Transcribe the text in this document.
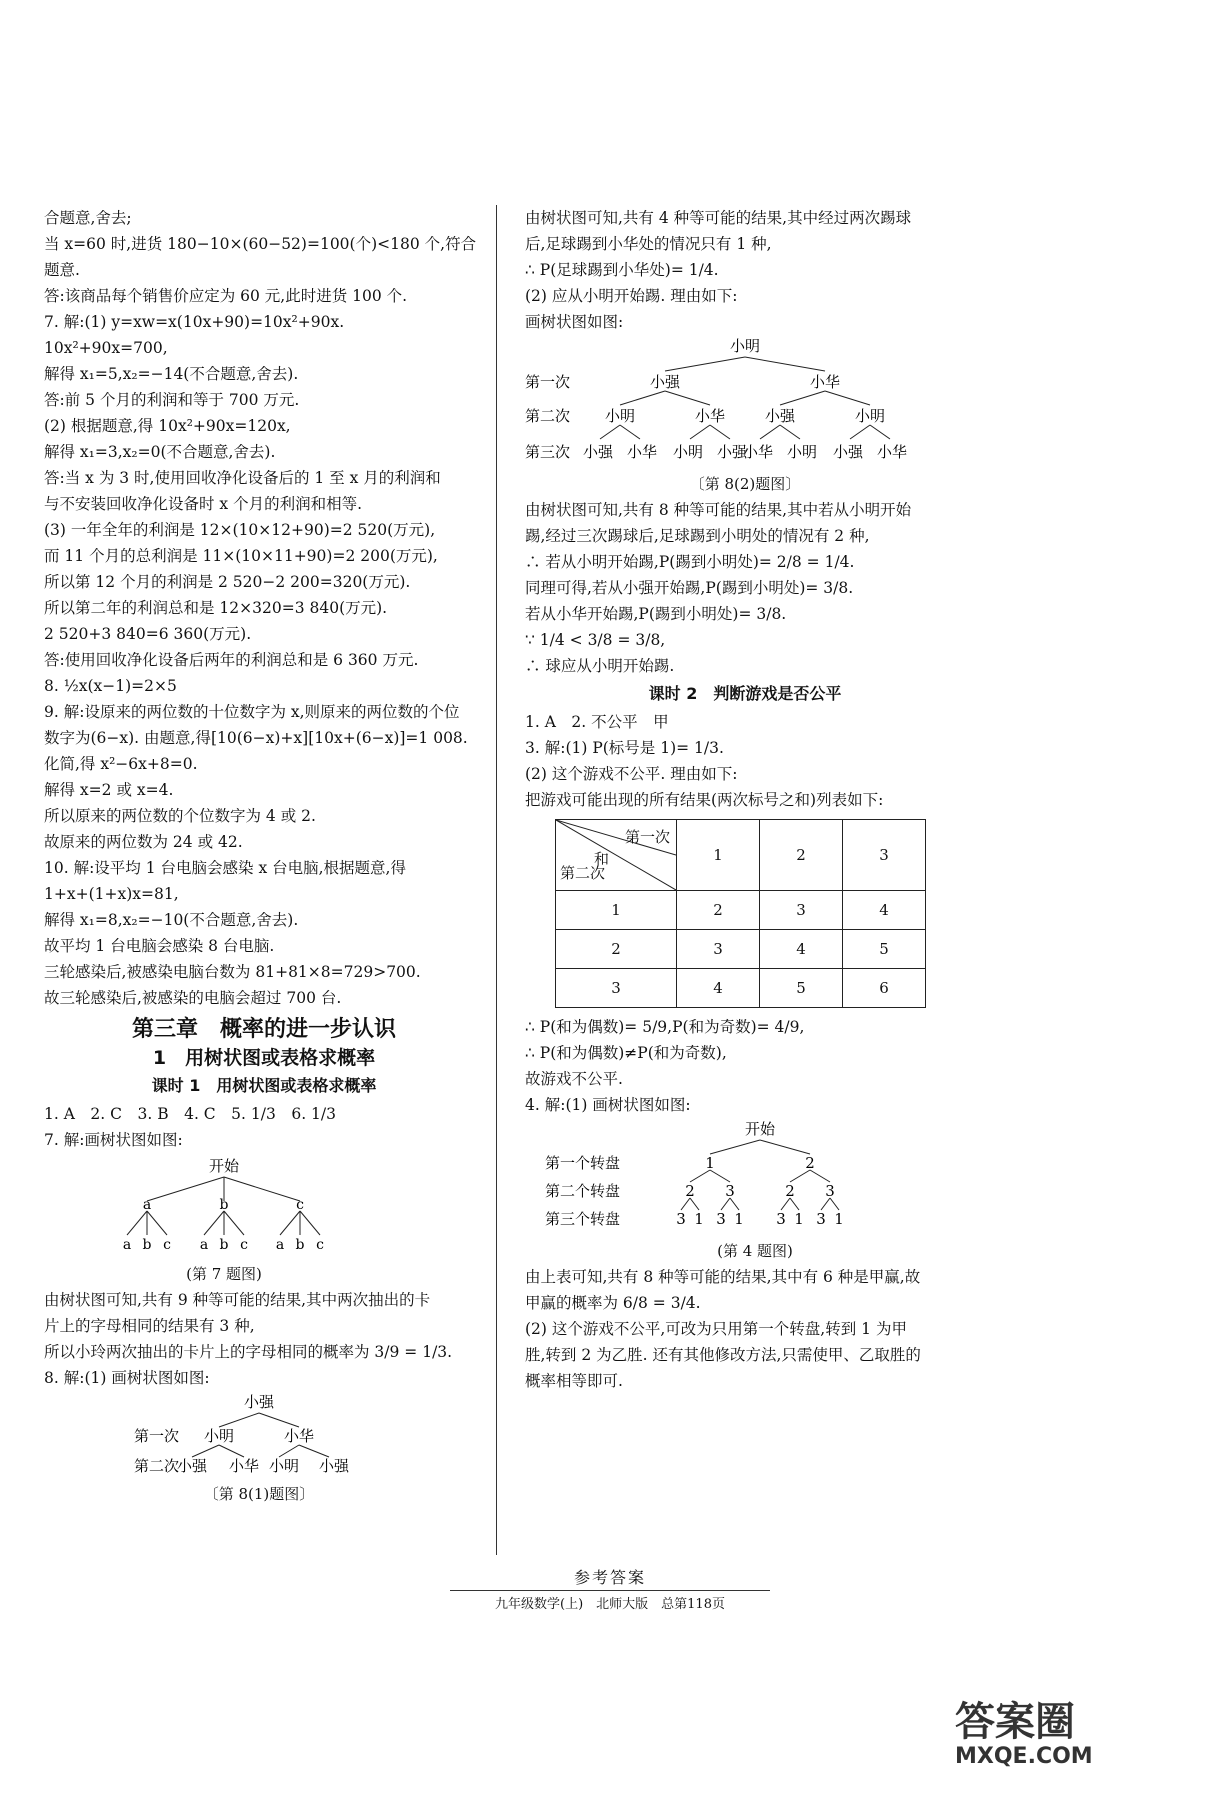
合题意,舍去;
当 x=60 时,进货 180−10×(60−52)=100(个)<180 个,符合
题意.
答:该商品每个销售价应定为 60 元,此时进货 100 个.
7. 解:(1) y=xw=x(10x+90)=10x²+90x.
10x²+90x=700,
解得 x₁=5,x₂=−14(不合题意,舍去).
答:前 5 个月的利润和等于 700 万元.
(2) 根据题意,得 10x²+90x=120x,
解得 x₁=3,x₂=0(不合题意,舍去).
答:当 x 为 3 时,使用回收净化设备后的 1 至 x 月的利润和
与不安装回收净化设备时 x 个月的利润和相等.
(3) 一年全年的利润是 12×(10×12+90)=2 520(万元),
而 11 个月的总利润是 11×(10×11+90)=2 200(万元),
所以第 12 个月的利润是 2 520−2 200=320(万元).
所以第二年的利润总和是 12×320=3 840(万元).
2 520+3 840=6 360(万元).
答:使用回收净化设备后两年的利润总和是 6 360 万元.
8. ½x(x−1)=2×5
9. 解:设原来的两位数的十位数字为 x,则原来的两位数的个位
数字为(6−x). 由题意,得[10(6−x)+x][10x+(6−x)]=1 008.
化简,得 x²−6x+8=0.
解得 x=2 或 x=4.
所以原来的两位数的个位数字为 4 或 2.
故原来的两位数为 24 或 42.
10. 解:设平均 1 台电脑会感染 x 台电脑,根据题意,得
1+x+(1+x)x=81,
解得 x₁=8,x₂=−10(不合题意,舍去).
故平均 1 台电脑会感染 8 台电脑.
三轮感染后,被感染电脑台数为 81+81×8=729>700.
故三轮感染后,被感染的电脑会超过 700 台.
第三章　概率的进一步认识
1　用树状图或表格求概率
课时 1　用树状图或表格求概率
1. A　2. C　3. B　4. C　5. 1/3　6. 1/3
7. 解:画树状图如图:
开始
a	b	c
a b c a b c a b c
(第 7 题图)
由树状图可知,共有 9 种等可能的结果,其中两次抽出的卡
片上的字母相同的结果有 3 种,
所以小玲两次抽出的卡片上的字母相同的概率为 3/9 = 1/3.
8. 解:(1) 画树状图如图:
小强
第一次 小明	小华
第二次
小强 小华 小明 小强
〔第 8(1)题图〕
由树状图可知,共有 4 种等可能的结果,其中经过两次踢球
后,足球踢到小华处的情况只有 1 种,
∴ P(足球踢到小华处)= 1/4.
(2) 应从小明开始踢. 理由如下:
画树状图如图:
小明
第一次	小强	小华
第二次 小明	小华	小强	小明
第三次 小强 小华 小明 小强
小华 小明 小强 小华
〔第 8(2)题图〕
由树状图可知,共有 8 种等可能的结果,其中若从小明开始
踢,经过三次踢球后,足球踢到小明处的情况有 2 种,
∴ 若从小明开始踢,P(踢到小明处)= 2/8 = 1/4.
同理可得,若从小强开始踢,P(踢到小明处)= 3/8.
若从小华开始踢,P(踢到小明处)= 3/8.
∵ 1/4 < 3/8 = 3/8,
∴ 球应从小明开始踢.
课时 2　判断游戏是否公平
1. A　2. 不公平　甲
3. 解:(1) P(标号是 1)= 1/3.
(2) 这个游戏不公平. 理由如下:
把游戏可能出现的所有结果(两次标号之和)列表如下:
第一次
和
第二次	1	2	3
1	2	3	4
2	3	4	5
3	4	5	6
∴ P(和为偶数)= 5/9,P(和为奇数)= 4/9,
∴ P(和为偶数)≠P(和为奇数),
故游戏不公平.
4. 解:(1) 画树状图如图:
开始
第一个转盘	1	2
第二个转盘	2 3	2 3
第三个转盘	3 1 3 1 3 1 3 1
(第 4 题图)
由上表可知,共有 8 种等可能的结果,其中有 6 种是甲赢,故
甲赢的概率为 6/8 = 3/4.
(2) 这个游戏不公平,可改为只用第一个转盘,转到 1 为甲
胜,转到 2 为乙胜. 还有其他修改方法,只需使甲、乙取胜的
概率相等即可.
参考答案
九年级数学(上)　北师大版　总第118页
答案圈
MXQE.COM
